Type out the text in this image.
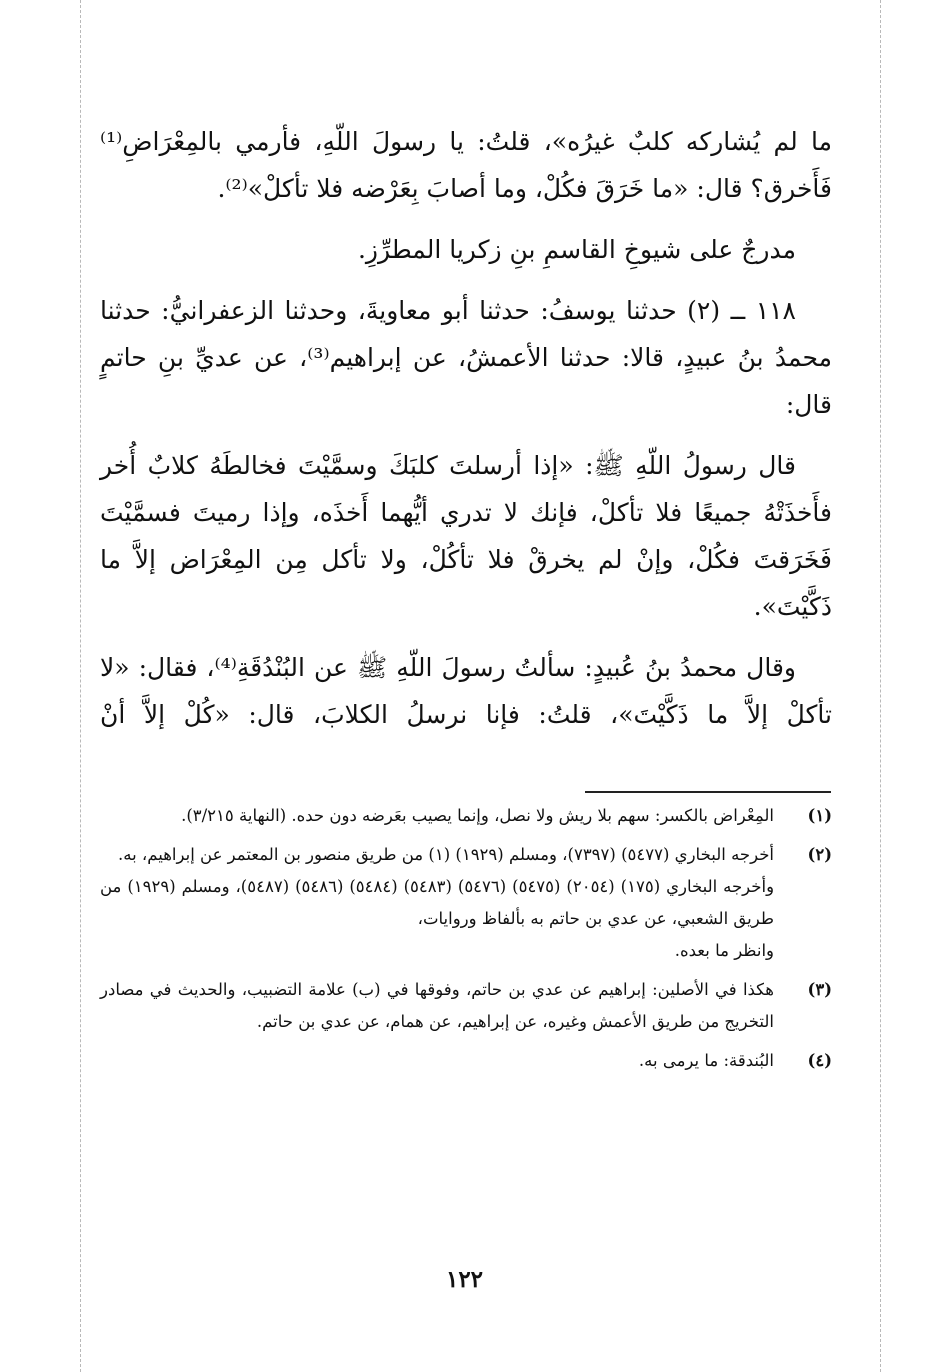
ما لم يُشاركه كلبٌ غيرُه»، قلتُ: يا رسولَ اللّهِ، فأرمي بالمِعْرَاضِ⁽¹⁾ فَأَخرق؟ قال: «ما خَرَقَ فكُلْ، وما أصابَ بِعَرْضه فلا تأكلْ»⁽²⁾.

مدرجٌ على شيوخِ القاسمِ بنِ زكريا المطرِّزِ.

١١٨ ــ (٢) حدثنا يوسفُ: حدثنا أبو معاويةَ، وحدثنا الزعفرانيُّ: حدثنا محمدُ بنُ عبيدٍ، قالا: حدثنا الأعمشُ، عن إبراهيم⁽³⁾، عن عديِّ بنِ حاتمٍ قال:

قال رسولُ اللّهِ ﷺ: «إذا أرسلتَ كلبَكَ وسمَّيْتَ فخالطَهُ كلابٌ أُخر فأَخذَتْهُ جميعًا فلا تأكلْ، فإنك لا تدري أيُّهما أَخذَه، وإذا رميتَ فسمَّيْتَ فَخَرَقتَ فكُلْ، وإنْ لم يخرقْ فلا تأكُلْ، ولا تأكل مِن المِعْرَاض إلاَّ ما ذَكَّيْتَ».

وقال محمدُ بنُ عُبيدٍ: سألتُ رسولَ اللّهِ ﷺ عن البُنْدُقَةِ⁽⁴⁾، فقال: «لا تأكلْ إلاَّ ما ذَكَّيْتَ»، قلتُ: فإنا نرسلُ الكلابَ، قال: «كُلْ إلاَّ أنْ

(١)

المِعْراض بالكسر: سهم بلا ريش ولا نصل، وإنما يصيب بعَرضه دون حده. (النهاية ٣/٢١٥).

(٢)

أخرجه البخاري (٥٤٧٧) (٧٣٩٧)، ومسلم (١٩٢٩) (١) من طريق منصور بن المعتمر عن إبراهيم، به.

وأخرجه البخاري (١٧٥) (٢٠٥٤) (٥٤٧٥) (٥٤٧٦) (٥٤٨٣) (٥٤٨٤) (٥٤٨٦) (٥٤٨٧)، ومسلم (١٩٢٩) من طريق الشعبي، عن عدي بن حاتم به بألفاظ وروايات،

وانظر ما بعده.

(٣)

هكذا في الأصلين: إبراهيم عن عدي بن حاتم، وفوقها في (ب) علامة التضبيب، والحديث في مصادر التخريج من طريق الأعمش وغيره، عن إبراهيم، عن همام، عن عدي بن حاتم.

(٤)

البُندقة: ما يرمى به.

١٢٢
